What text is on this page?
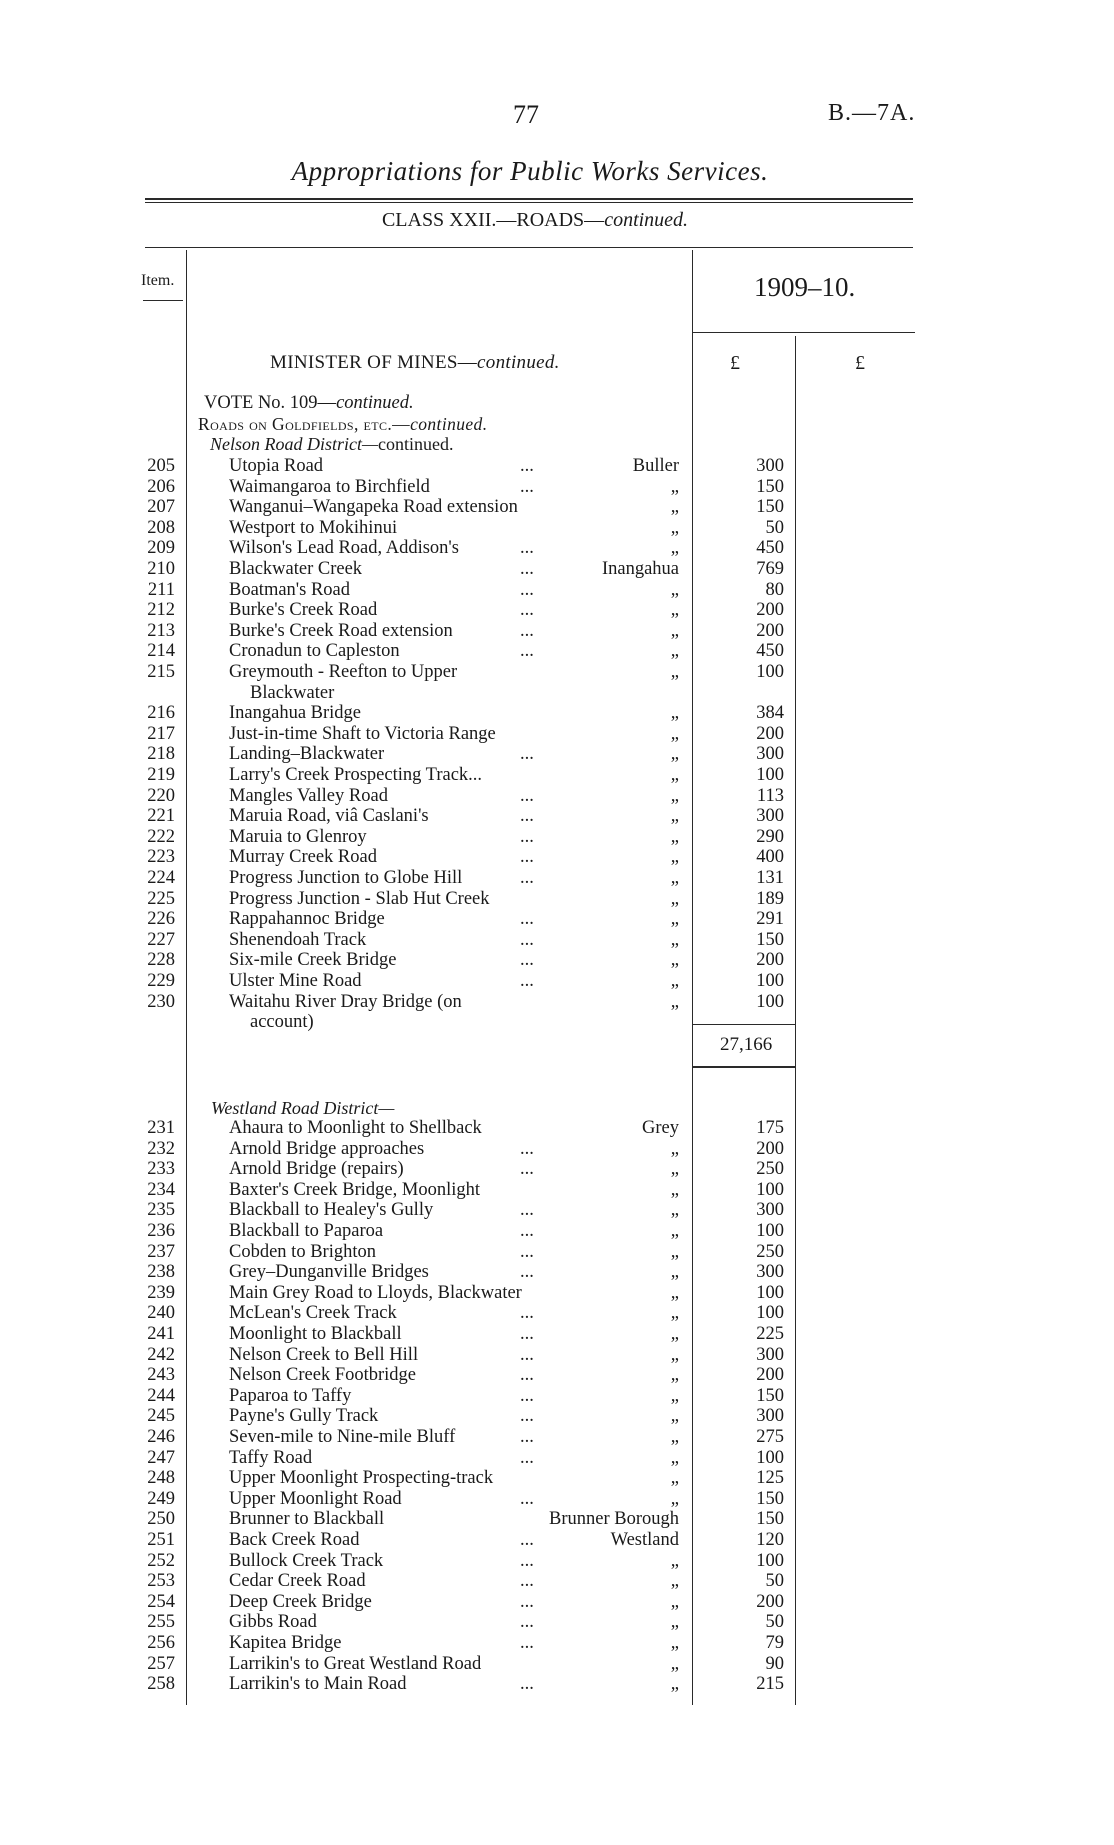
77	B.—7A.
Appropriations for Public Works Services.
CLASS XXII.—ROADS—continued.
Item.	1909–10.
£	£
MINISTER OF MINES—continued.
VOTE No. 109—continued.
Roads on Goldfields, etc.—continued.
Nelson Road District—continued.
205	Utopia Road	...	Buller	300
206	Waimangaroa to Birchfield	...	„	150
207	Wanganui–Wangapeka Road extension	„	150
208	Westport to Mokihinui	„	50
209	Wilson's Lead Road, Addison's	...	„	450
210	Blackwater Creek	...	Inangahua	769
211	Boatman's Road	...	„	80
212	Burke's Creek Road	...	„	200
213	Burke's Creek Road extension	...	„	200
214	Cronadun to Capleston	...	„	450
215	Greymouth - Reefton to Upper	„	100
Blackwater
216	Inangahua Bridge	„	384
217	Just-in-time Shaft to Victoria Range	„	200
218	Landing–Blackwater	...	„	300
219	Larry's Creek Prospecting Track...	„	100
220	Mangles Valley Road	...	„	113
221	Maruia Road, viâ Caslani's	...	„	300
222	Maruia to Glenroy	...	„	290
223	Murray Creek Road	...	„	400
224	Progress Junction to Globe Hill	...	„	131
225	Progress Junction - Slab Hut Creek	„	189
226	Rappahannoc Bridge	...	„	291
227	Shenendoah Track	...	„	150
228	Six-mile Creek Bridge	...	„	200
229	Ulster Mine Road	...	„	100
230	Waitahu River Dray Bridge (on	„	100
account)
27,166
Westland Road District—
231	Ahaura to Moonlight to Shellback	Grey	175
232	Arnold Bridge approaches	...	„	200
233	Arnold Bridge (repairs)	...	„	250
234	Baxter's Creek Bridge, Moonlight	„	100
235	Blackball to Healey's Gully	...	„	300
236	Blackball to Paparoa	...	„	100
237	Cobden to Brighton	...	„	250
238	Grey–Dunganville Bridges	...	„	300
239	Main Grey Road to Lloyds, Blackwater	„	100
240	McLean's Creek Track	...	„	100
241	Moonlight to Blackball	...	„	225
242	Nelson Creek to Bell Hill	...	„	300
243	Nelson Creek Footbridge	...	„	200
244	Paparoa to Taffy	...	„	150
245	Payne's Gully Track	...	„	300
246	Seven-mile to Nine-mile Bluff	...	„	275
247	Taffy Road	...	„	100
248	Upper Moonlight Prospecting-track	„	125
249	Upper Moonlight Road	...	„	150
250	Brunner to Blackball	Brunner Borough	150
251	Back Creek Road	...	Westland	120
252	Bullock Creek Track	...	„	100
253	Cedar Creek Road	...	„	50
254	Deep Creek Bridge	...	„	200
255	Gibbs Road	...	„	50
256	Kapitea Bridge	...	„	79
257	Larrikin's to Great Westland Road	„	90
258	Larrikin's to Main Road	...	„	215
